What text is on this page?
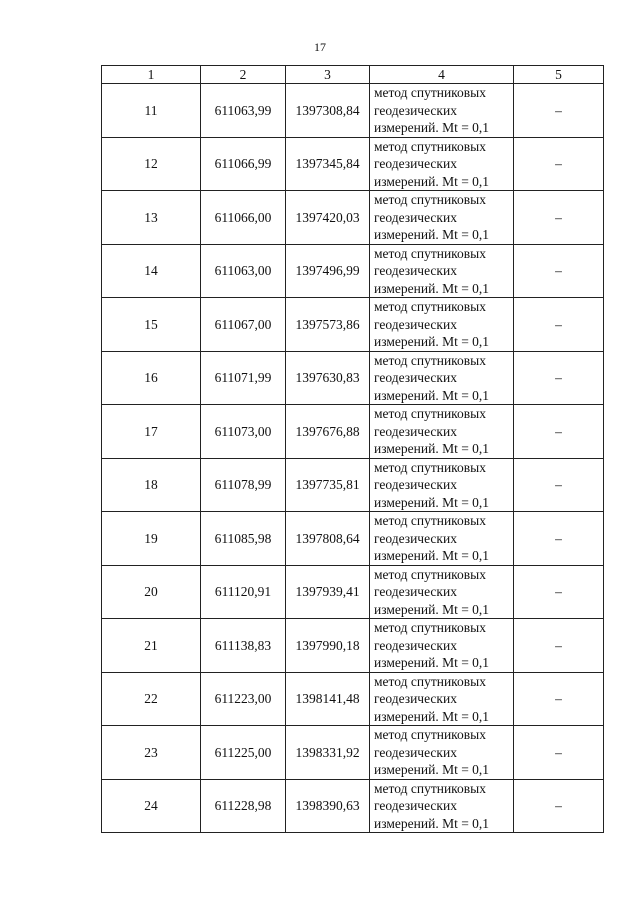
17
1	2	3	4	5
11	611063,99	1397308,84	метод спутниковых
геодезических
измерений. Mt = 0,1	–
12	611066,99	1397345,84	метод спутниковых
геодезических
измерений. Mt = 0,1	–
13	611066,00	1397420,03	метод спутниковых
геодезических
измерений. Mt = 0,1	–
14	611063,00	1397496,99	метод спутниковых
геодезических
измерений. Mt = 0,1	–
15	611067,00	1397573,86	метод спутниковых
геодезических
измерений. Mt = 0,1	–
16	611071,99	1397630,83	метод спутниковых
геодезических
измерений. Mt = 0,1	–
17	611073,00	1397676,88	метод спутниковых
геодезических
измерений. Mt = 0,1	–
18	611078,99	1397735,81	метод спутниковых
геодезических
измерений. Mt = 0,1	–
19	611085,98	1397808,64	метод спутниковых
геодезических
измерений. Mt = 0,1	–
20	611120,91	1397939,41	метод спутниковых
геодезических
измерений. Mt = 0,1	–
21	611138,83	1397990,18	метод спутниковых
геодезических
измерений. Mt = 0,1	–
22	611223,00	1398141,48	метод спутниковых
геодезических
измерений. Mt = 0,1	–
23	611225,00	1398331,92	метод спутниковых
геодезических
измерений. Mt = 0,1	–
24	611228,98	1398390,63	метод спутниковых
геодезических
измерений. Mt = 0,1	–
